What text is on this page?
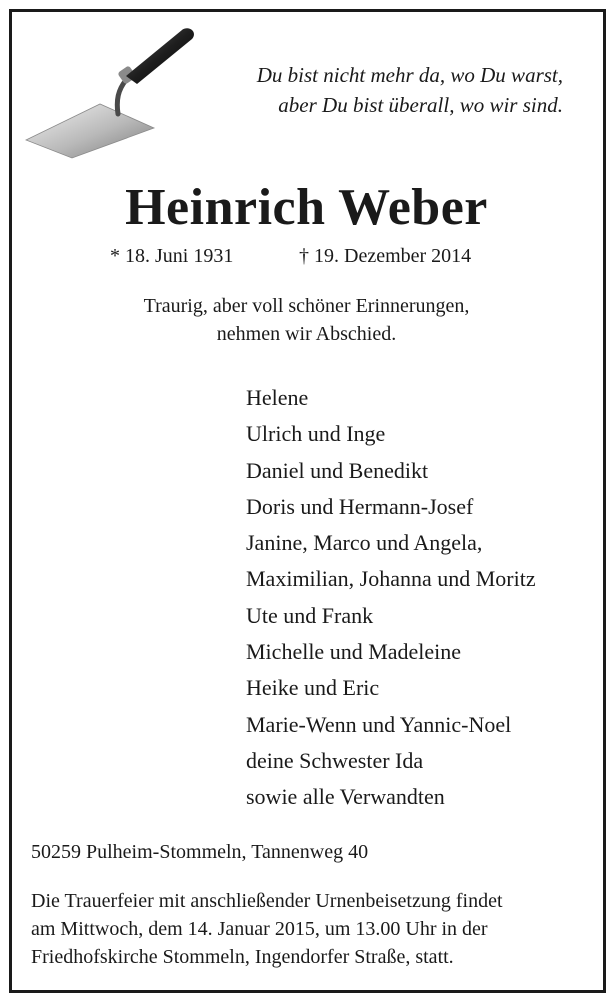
Du bist nicht mehr da, wo Du warst,
aber Du bist überall, wo wir sind.
Heinrich Weber
* 18. Juni 1931	† 19. Dezember 2014
Traurig, aber voll schöner Erinnerungen,
nehmen wir Abschied.
Helene
Ulrich und Inge
Daniel und Benedikt
Doris und Hermann-Josef
Janine, Marco und Angela,
Maximilian, Johanna und Moritz
Ute und Frank
Michelle und Madeleine
Heike und Eric
Marie-Wenn und Yannic-Noel
deine Schwester Ida
sowie alle Verwandten
50259 Pulheim-Stommeln, Tannenweg 40
Die Trauerfeier mit anschließender Urnenbeisetzung findet
am Mittwoch, dem 14. Januar 2015, um 13.00 Uhr in der
Friedhofskirche Stommeln, Ingendorfer Straße, statt.
